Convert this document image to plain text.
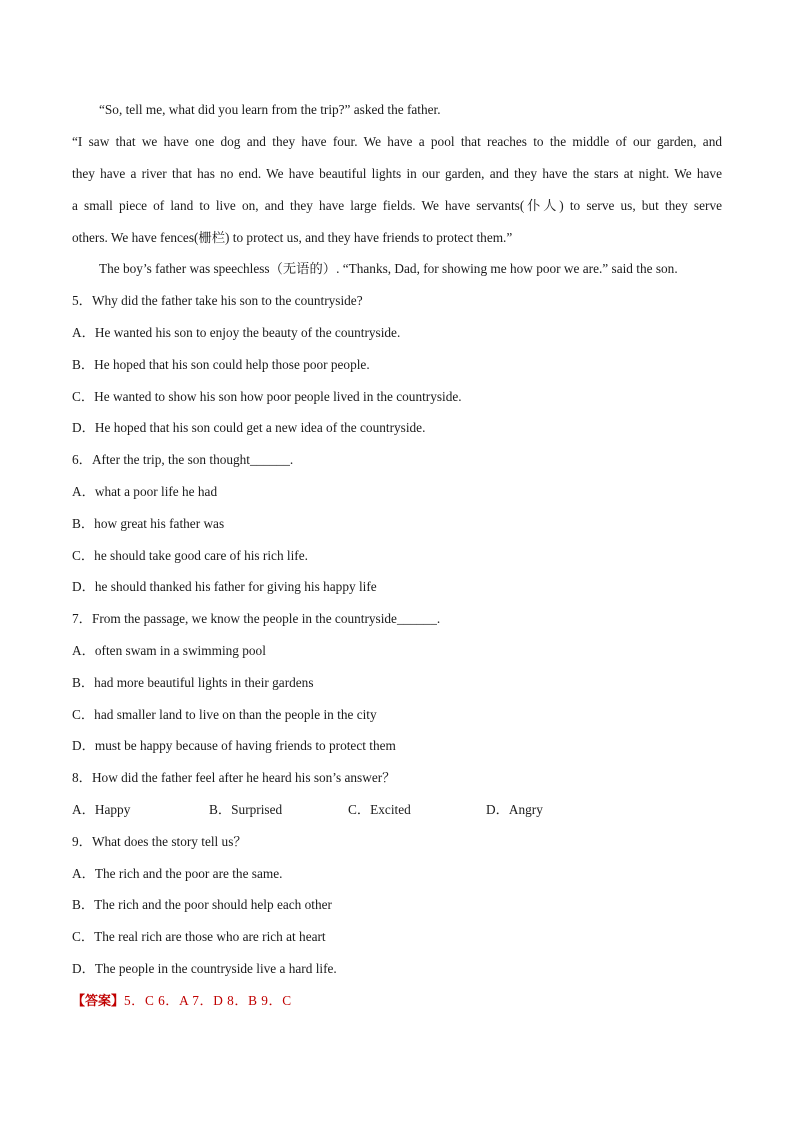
“So, tell me, what did you learn from the trip?” asked the father.
“I saw that we have one dog and they have four. We have a pool that reaches to the middle of our garden, and
they have a river that has no end. We have beautiful lights in our garden, and they have the stars at night. We have
a small piece of land to live on, and they have large fields. We have servants(仆人) to serve us, but they serve
others. We have fences(栅栏) to protect us, and they have friends to protect them.”
The boy’s father was speechless（无语的）. “Thanks, Dad, for showing me how poor we are.” said the son.
5．Why did the father take his son to the countryside?
A．He wanted his son to enjoy the beauty of the countryside.
B．He hoped that his son could help those poor people.
C．He wanted to show his son how poor people lived in the countryside.
D．He hoped that his son could get a new idea of the countryside.
6．After the trip, the son thought______.
A．what a poor life he had
B．how great his father was
C．he should take good care of his rich life.
D．he should thanked his father for giving his happy life
7．From the passage, we know the people in the countryside______.
A．often swam in a swimming pool
B．had more beautiful lights in their gardens
C．had smaller land to live on than the people in the city
D．must be happy because of having friends to protect them
8．How did the father feel after he heard his son’s answer？
A．Happy	B．Surprised	C．Excited	D．Angry
9．What does the story tell us？
A．The rich and the poor are the same.
B．The rich and the poor should help each other
C．The real rich are those who are rich at heart
D．The people in the countryside live a hard life.
【答案】5．C 6．A 7．D 8．B 9．C
